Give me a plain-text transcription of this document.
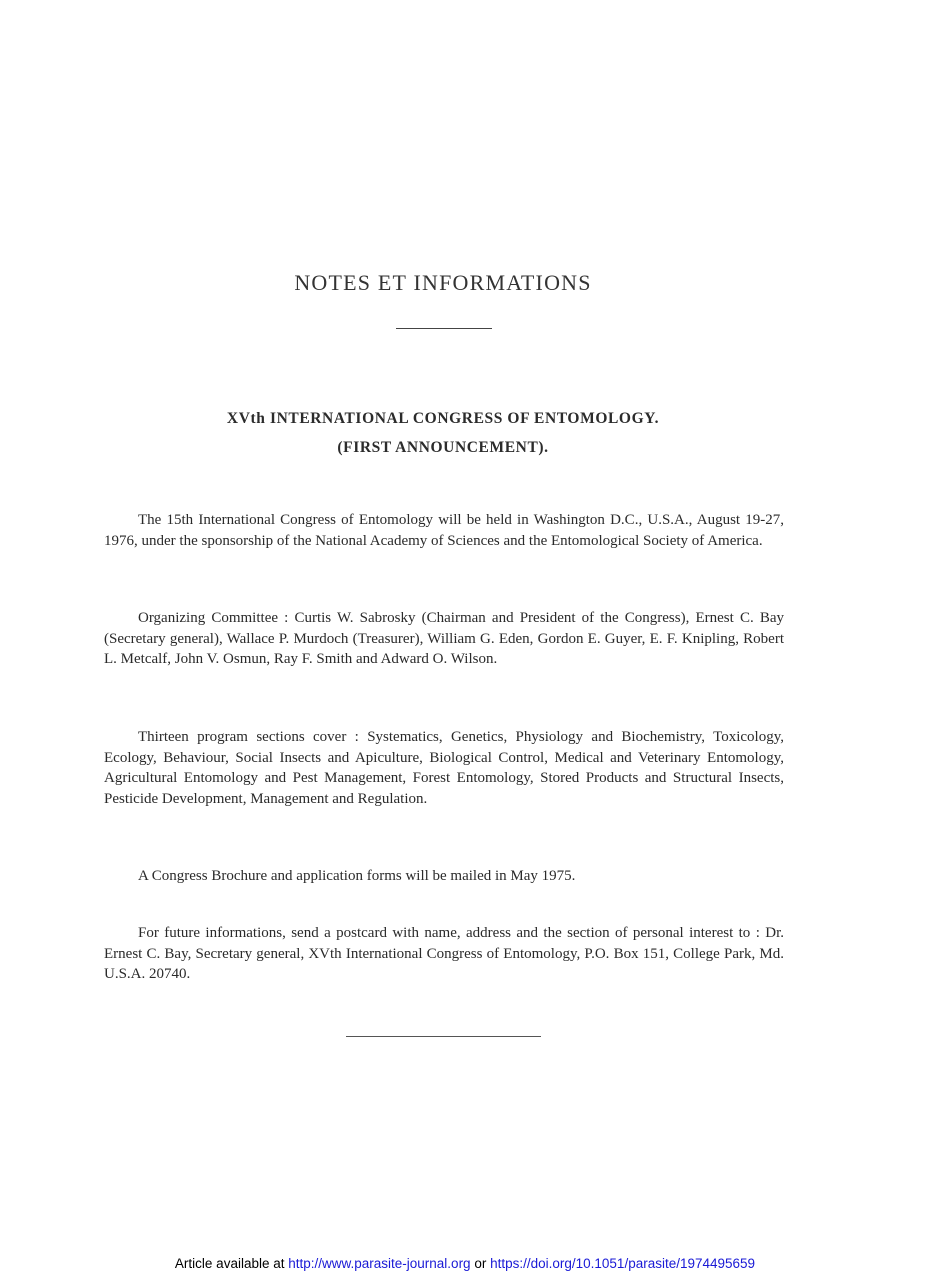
NOTES ET INFORMATIONS
XVth INTERNATIONAL CONGRESS OF ENTOMOLOGY.
(FIRST ANNOUNCEMENT).

The 15th International Congress of Entomology will be held in Washington D.C., U.S.A., August 19-27, 1976, under the sponsorship of the National Academy of Sciences and the Entomological Society of America.

Organizing Committee : Curtis W. Sabrosky (Chairman and President of the Congress), Ernest C. Bay (Secretary general), Wallace P. Murdoch (Treasurer), William G. Eden, Gordon E. Guyer, E. F. Knipling, Robert L. Metcalf, John V. Osmun, Ray F. Smith and Adward O. Wilson.

Thirteen program sections cover : Systematics, Genetics, Physiology and Biochemistry, Toxicology, Ecology, Behaviour, Social Insects and Apiculture, Biological Control, Medical and Veterinary Entomology, Agricultural Entomology and Pest Management, Forest Entomology, Stored Products and Structural Insects, Pesticide Development, Management and Regulation.

A Congress Brochure and application forms will be mailed in May 1975.

For future informations, send a postcard with name, address and the section of personal interest to : Dr. Ernest C. Bay, Secretary general, XVth International Congress of Entomology, P.O. Box 151, College Park, Md. U.S.A. 20740.

Article available at http://www.parasite-journal.org or https://doi.org/10.1051/parasite/1974495659
